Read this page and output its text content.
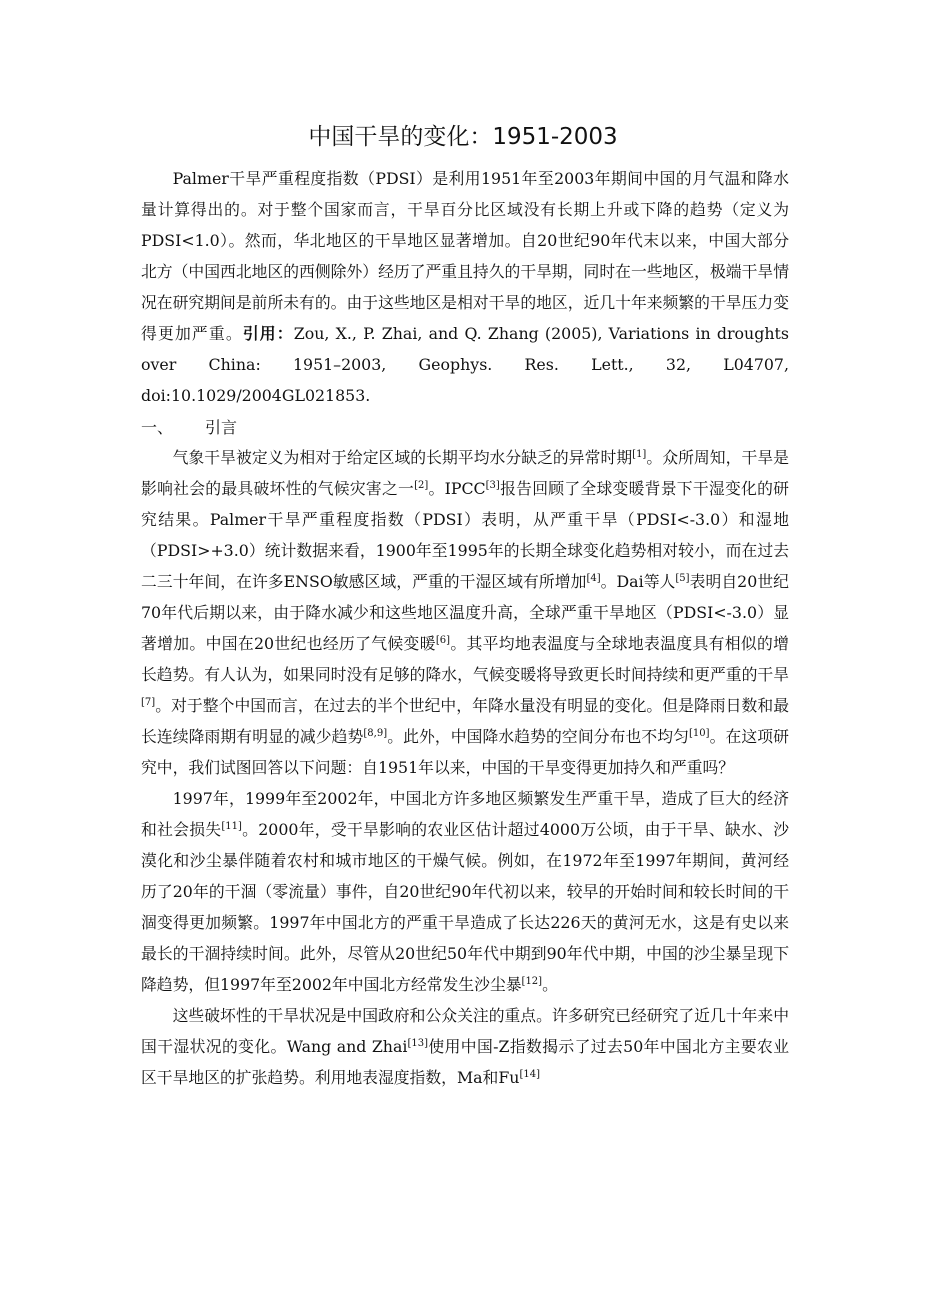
中国干旱的变化：1951-2003

Palmer干旱严重程度指数（PDSI）是利用1951年至2003年期间中国的月气温和降水量计算得出的。对于整个国家而言，干旱百分比区域没有长期上升或下降的趋势（定义为PDSI<1.0）。然而，华北地区的干旱地区显著增加。自20世纪90年代末以来，中国大部分北方（中国西北地区的西侧除外）经历了严重且持久的干旱期，同时在一些地区，极端干旱情况在研究期间是前所未有的。由于这些地区是相对干旱的地区，近几十年来频繁的干旱压力变得更加严重。引用：Zou, X., P. Zhai, and Q. Zhang (2005), Variations in droughts over China: 1951–2003, Geophys. Res. Lett., 32, L04707, doi:10.1029/2004GL021853.

一、 引言

气象干旱被定义为相对于给定区域的长期平均水分缺乏的异常时期[1]。众所周知，干旱是影响社会的最具破坏性的气候灾害之一[2]。IPCC[3]报告回顾了全球变暖背景下干湿变化的研究结果。Palmer干旱严重程度指数（PDSI）表明，从严重干旱（PDSI<-3.0）和湿地（PDSI>+3.0）统计数据来看，1900年至1995年的长期全球变化趋势相对较小，而在过去二三十年间，在许多ENSO敏感区域，严重的干湿区域有所增加[4]。Dai等人[5]表明自20世纪70年代后期以来，由于降水减少和这些地区温度升高，全球严重干旱地区（PDSI<-3.0）显著增加。中国在20世纪也经历了气候变暖[6]。其平均地表温度与全球地表温度具有相似的增长趋势。有人认为，如果同时没有足够的降水，气候变暖将导致更长时间持续和更严重的干旱[7]。对于整个中国而言，在过去的半个世纪中，年降水量没有明显的变化。但是降雨日数和最长连续降雨期有明显的减少趋势[8,9]。此外，中国降水趋势的空间分布也不均匀[10]。在这项研究中，我们试图回答以下问题：自1951年以来，中国的干旱变得更加持久和严重吗？

1997年，1999年至2002年，中国北方许多地区频繁发生严重干旱，造成了巨大的经济和社会损失[11]。2000年，受干旱影响的农业区估计超过4000万公顷，由于干旱、缺水、沙漠化和沙尘暴伴随着农村和城市地区的干燥气候。例如，在1972年至1997年期间，黄河经历了20年的干涸（零流量）事件，自20世纪90年代初以来，较早的开始时间和较长时间的干涸变得更加频繁。1997年中国北方的严重干旱造成了长达226天的黄河无水，这是有史以来最长的干涸持续时间。此外，尽管从20世纪50年代中期到90年代中期，中国的沙尘暴呈现下降趋势，但1997年至2002年中国北方经常发生沙尘暴[12]。

这些破坏性的干旱状况是中国政府和公众关注的重点。许多研究已经研究了近几十年来中国干湿状况的变化。Wang and Zhai[13]使用中国-Z指数揭示了过去50年中国北方主要农业区干旱地区的扩张趋势。利用地表湿度指数，Ma和Fu[14]
